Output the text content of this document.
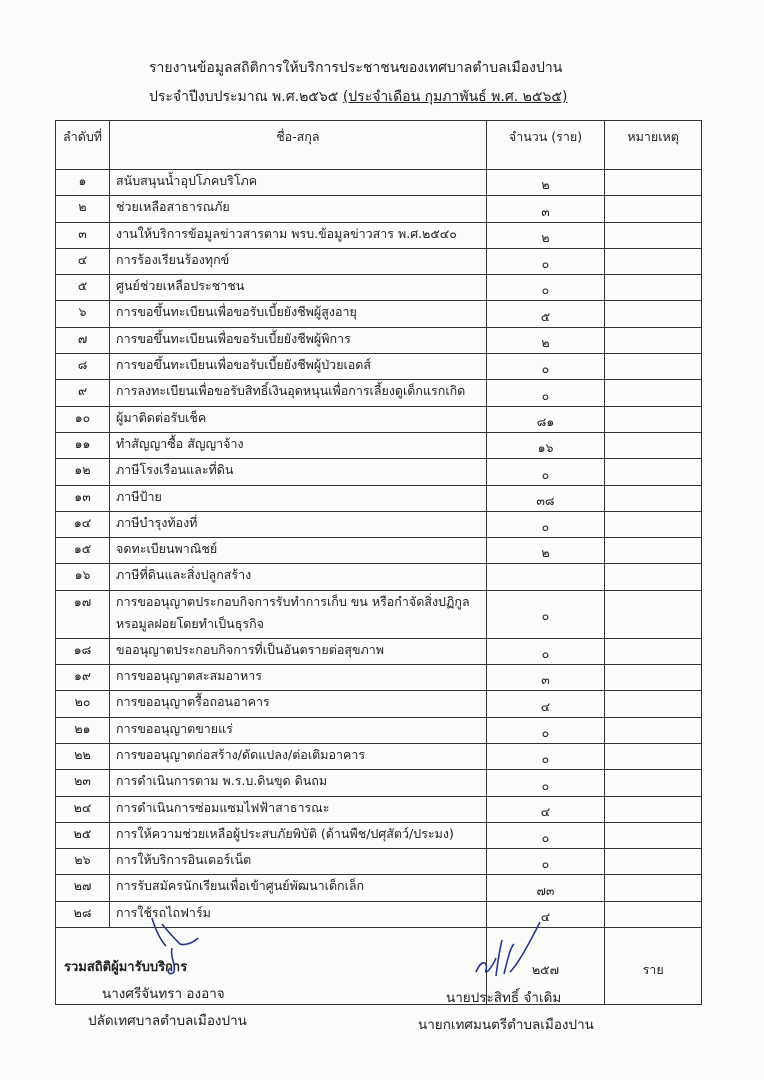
รายงานข้อมูลสถิติการให้บริการประชาชนของเทศบาลตำบลเมืองปาน
ประจำปีงบประมาณ พ.ศ.๒๕๖๕ (ประจำเดือน กุมภาพันธ์ พ.ศ. ๒๕๖๕)
ลำดับที่	ชื่อ-สกุล	จำนวน (ราย)	หมายเหตุ
๑	สนับสนุนน้ำอุปโภคบริโภค	๒	
๒	ช่วยเหลือสาธารณภัย	๓	
๓	งานให้บริการข้อมูลข่าวสารตาม พรบ.ข้อมูลข่าวสาร พ.ศ.๒๕๔๐	๒	
๔	การร้องเรียนร้องทุกข์	๐	
๕	ศูนย์ช่วยเหลือประชาชน	๐	
๖	การขอขึ้นทะเบียนเพื่อขอรับเบี้ยยังชีพผู้สูงอายุ	๕	
๗	การขอขึ้นทะเบียนเพื่อขอรับเบี้ยยังชีพผู้พิการ	๒	
๘	การขอขึ้นทะเบียนเพื่อขอรับเบี้ยยังชีพผู้ป่วยเอดส์	๐	
๙	การลงทะเบียนเพื่อขอรับสิทธิ์เงินอุดหนุนเพื่อการเลี้ยงดูเด็กแรกเกิด	๐	
๑๐	ผู้มาติดต่อรับเช็ค	๘๑	
๑๑	ทำสัญญาซื้อ สัญญาจ้าง	๑๖	
๑๒	ภาษีโรงเรือนและที่ดิน	๐	
๑๓	ภาษีป้าย	๓๘	
๑๔	ภาษีบำรุงท้องที่	๐	
๑๕	จดทะเบียนพาณิชย์	๒	
๑๖	ภาษีที่ดินและสิ่งปลูกสร้าง		
๑๗	การขออนุญาตประกอบกิจการรับทำการเก็บ ขน หรือกำจัดสิ่งปฏิกูลหรอมูลฝอยโดยทำเป็นธุรกิจ	๐	
๑๘	ขออนุญาตประกอบกิจการที่เป็นอันตรายต่อสุขภาพ	๐	
๑๙	การขออนุญาตสะสมอาหาร	๓	
๒๐	การขออนุญาตรื้อถอนอาคาร	๔	
๒๑	การขออนุญาตขายแร่	๐	
๒๒	การขออนุญาตก่อสร้าง/ดัดแปลง/ต่อเติมอาคาร	๐	
๒๓	การดำเนินการตาม พ.ร.บ.ดินขุด ดินถม	๐	
๒๔	การดำเนินการซ่อมแซมไฟฟ้าสาธารณะ	๔	
๒๕	การให้ความช่วยเหลือผู้ประสบภัยพิบัติ (ด้านพืช/ปศุสัตว์/ประมง)	๐	
๒๖	การให้บริการอินเตอร์เน็ต	๐	
๒๗	การรับสมัครนักเรียนเพื่อเข้าศูนย์พัฒนาเด็กเล็ก	๗๓	
๒๘	การใช้รถไถฟาร์ม	๔	
รวมสถิติผู้มารับบริการ		๒๕๗	ราย
นางศรีจันทรา องอาจ
ปลัดเทศบาลตำบลเมืองปาน
นายประสิทธิ์ จำเดิม
นายกเทศมนตรีตำบลเมืองปาน
